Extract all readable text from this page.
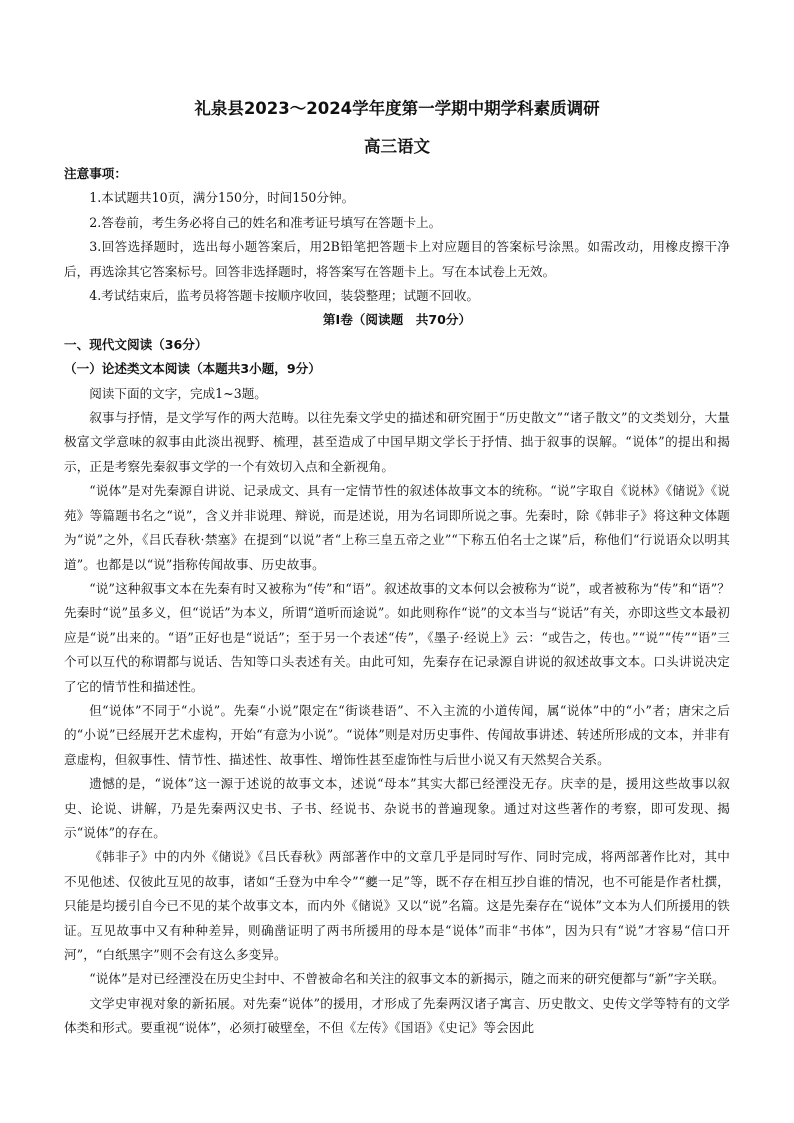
礼泉县2023～2024学年度第一学期中期学科素质调研
高三语文
注意事项：

1.本试题共10页，满分150分，时间150分钟。

2.答卷前，考生务必将自己的姓名和准考证号填写在答题卡上。

3.回答选择题时，选出每小题答案后，用2B铅笔把答题卡上对应题目的答案标号涂黑。如需改动，用橡皮擦干净后，再选涂其它答案标号。回答非选择题时，将答案写在答题卡上。写在本试卷上无效。

4.考试结束后，监考员将答题卡按顺序收回，装袋整理；试题不回收。

第Ⅰ卷（阅读题　共70分）
一、现代文阅读（36分）
（一）论述类文本阅读（本题共3小题，9分）
阅读下面的文字，完成1~3题。

叙事与抒情，是文学写作的两大范畴。以往先秦文学史的描述和研究囿于“历史散文”“诸子散文”的文类划分，大量极富文学意味的叙事由此淡出视野、梳理，甚至造成了中国早期文学长于抒情、拙于叙事的误解。“说体”的提出和揭示，正是考察先秦叙事文学的一个有效切入点和全新视角。

“说体”是对先秦源自讲说、记录成文、具有一定情节性的叙述体故事文本的统称。“说”字取自《说林》《储说》《说苑》等篇题书名之“说”，含义并非说理、辩说，而是述说，用为名词即所说之事。先秦时，除《韩非子》将这种文体题为“说”之外，《吕氏春秋·禁塞》在提到“以说”者“上称三皇五帝之业”“下称五伯名士之谋”后，称他们“行说语众以明其道”。也都是以“说”指称传闻故事、历史故事。

“说”这种叙事文本在先秦有时又被称为“传”和“语”。叙述故事的文本何以会被称为“说”，或者被称为“传”和“语”？先秦时“说”虽多义，但“说话”为本义，所谓“道听而途说”。如此则称作“说”的文本当与“说话”有关，亦即这些文本最初应是“说”出来的。“语”正好也是“说话”；至于另一个表述“传”，《墨子·经说上》云：“或告之，传也。”“说”“传”“语”三个可以互代的称谓都与说话、告知等口头表述有关。由此可知，先秦存在记录源自讲说的叙述故事文本。口头讲说决定了它的情节性和描述性。

但“说体”不同于“小说”。先秦“小说”限定在“街谈巷语”、不入主流的小道传闻，属“说体”中的“小”者；唐宋之后的“小说”已经展开艺术虚构，开始“有意为小说”。“说体”则是对历史事件、传闻故事讲述、转述所形成的文本，并非有意虚构，但叙事性、情节性、描述性、故事性、增饰性甚至虚饰性与后世小说又有天然契合关系。

遗憾的是，“说体”这一源于述说的故事文本，述说“母本”其实大都已经湮没无存。庆幸的是，援用这些故事以叙史、论说、讲解，乃是先秦两汉史书、子书、经说书、杂说书的普遍现象。通过对这些著作的考察，即可发现、揭示“说体”的存在。

《韩非子》中的内外《储说》《吕氏春秋》两部著作中的文章几乎是同时写作、同时完成，将两部著作比对，其中不见他述、仅彼此互见的故事，诸如“壬登为中牟令”“夔一足”等，既不存在相互抄自谁的情况，也不可能是作者杜撰，只能是均援引自今已不见的某个故事文本，而内外《储说》又以“说”名篇。这是先秦存在“说体”文本为人们所援用的铁证。互见故事中又有种种差异，则确凿证明了两书所援用的母本是“说体”而非“书体”，因为只有“说”才容易“信口开河”，“白纸黑字”则不会有这么多变异。

“说体”是对已经湮没在历史尘封中、不曾被命名和关注的叙事文本的新揭示，随之而来的研究便都与“新”字关联。

文学史审视对象的新拓展。对先秦“说体”的援用，才形成了先秦两汉诸子寓言、历史散文、史传文学等特有的文学体类和形式。要重视“说体”，必须打破壁垒，不但《左传》《国语》《史记》等会因此
